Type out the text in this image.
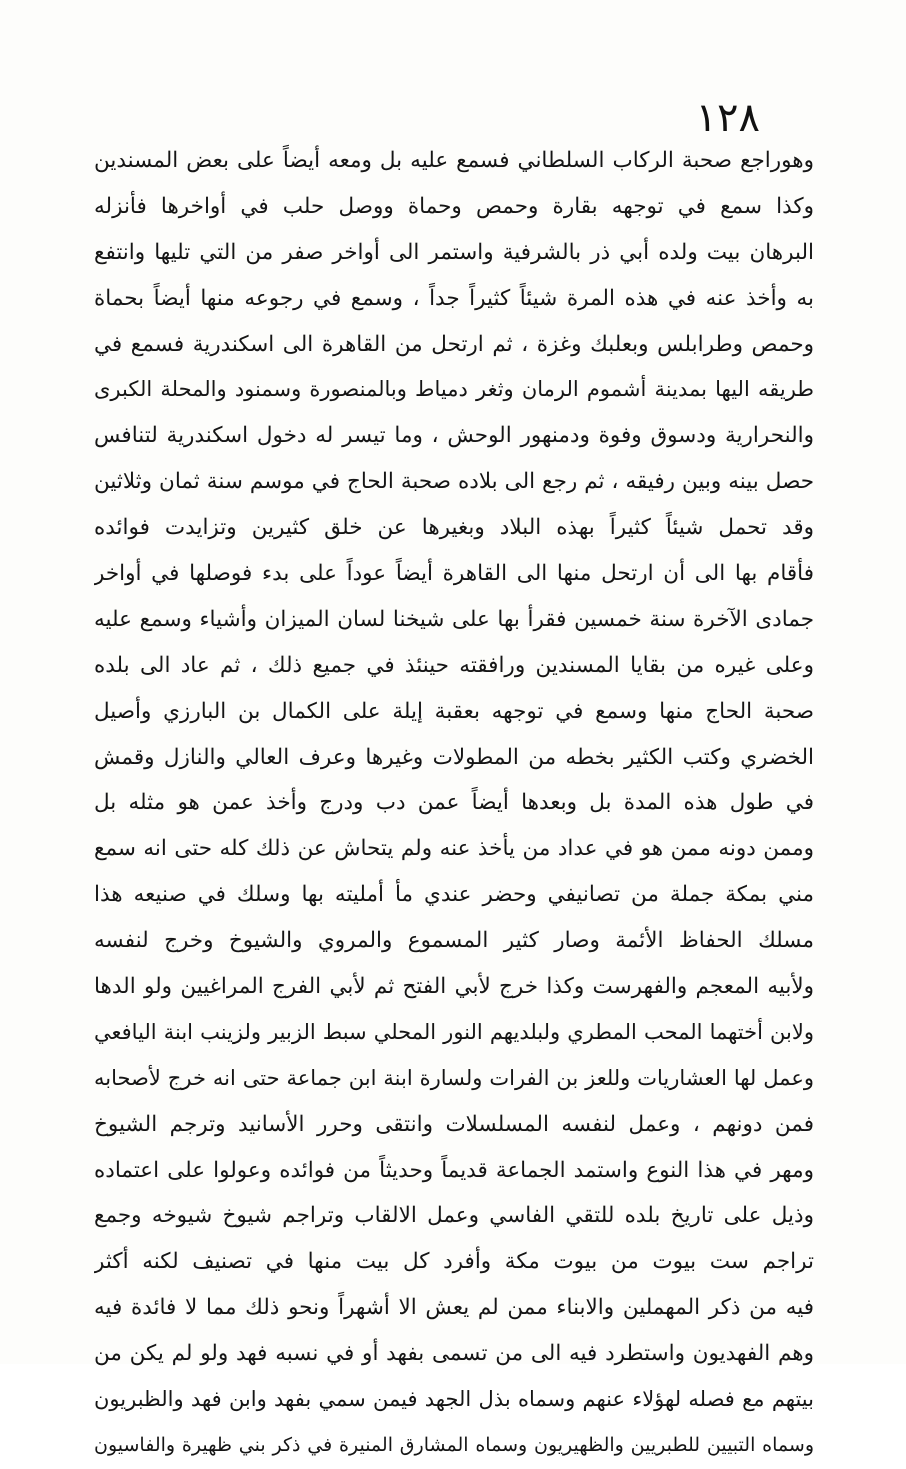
١٢٨
وهوراجع صحبة الركاب السلطاني فسمع عليه بل ومعه أيضاً على بعض المسندين
وكذا سمع في توجهه بقارة وحمص وحماة ووصل حلب في أواخرها فأنزله
البرهان بيت ولده أبي ذر بالشرفية واستمر الى أواخر صفر من التي تليها وانتفع
به وأخذ عنه في هذه المرة شيئاً كثيراً جداً ، وسمع في رجوعه منها أيضاً بحماة
وحمص وطرابلس وبعلبك وغزة ، ثم ارتحل من القاهرة الى اسكندرية فسمع في
طريقه اليها بمدينة أشموم الرمان وثغر دمياط وبالمنصورة وسمنود والمحلة الكبرى
والنحرارية ودسوق وفوة ودمنهور الوحش ، وما تيسر له دخول اسكندرية لتنافس
حصل بينه وبين رفيقه ، ثم رجع الى بلاده صحبة الحاج في موسم سنة ثمان وثلاثين
وقد تحمل شيئاً كثيراً بهذه البلاد وبغيرها عن خلق كثيرين وتزايدت فوائده
فأقام بها الى أن ارتحل منها الى القاهرة أيضاً عوداً على بدء فوصلها في أواخر
جمادى الآخرة سنة خمسين فقرأ بها على شيخنا لسان الميزان وأشياء وسمع عليه
وعلى غيره من بقايا المسندين ورافقته حينئذ في جميع ذلك ، ثم عاد الى بلده
صحبة الحاج منها وسمع في توجهه بعقبة إيلة على الكمال بن البارزي وأصيل
الخضري وكتب الكثير بخطه من المطولات وغيرها وعرف العالي والنازل وقمش
في طول هذه المدة بل وبعدها أيضاً عمن دب ودرج وأخذ عمن هو مثله بل
وممن دونه ممن هو في عداد من يأخذ عنه ولم يتحاش عن ذلك كله حتى انه سمع
مني بمكة جملة من تصانيفي وحضر عندي مأ أمليته بها وسلك في صنيعه هذا
مسلك الحفاظ الأئمة وصار كثير المسموع والمروي والشيوخ وخرج لنفسه
ولأبيه المعجم والفهرست وكذا خرج لأبي الفتح ثم لأبي الفرج المراغيين ولو الدها
ولابن أختهما المحب المطري ولبلديهم النور المحلي سبط الزبير ولزينب ابنة اليافعي
وعمل لها العشاريات وللعز بن الفرات ولسارة ابنة ابن جماعة حتى انه خرج لأصحابه
فمن دونهم ، وعمل لنفسه المسلسلات وانتقى وحرر الأسانيد وترجم الشيوخ
ومهر في هذا النوع واستمد الجماعة قديماً وحديثاً من فوائده وعولوا على اعتماده
وذيل على تاريخ بلده للتقي الفاسي وعمل الالقاب وتراجم شيوخ شيوخه وجمع
تراجم ست بيوت من بيوت مكة وأفرد كل بيت منها في تصنيف لكنه أكثر
فيه من ذكر المهملين والابناء ممن لم يعش الا أشهراً ونحو ذلك مما لا فائدة فيه
وهم الفهديون واستطرد فيه الى من تسمى بفهد أو في نسبه فهد ولو لم يكن من
بيتهم مع فصله لهؤلاء عنهم وسماه بذل الجهد فيمن سمي بفهد وابن فهد والظبريون
وسماه التبيين للطبريين والظهيريون وسماه المشارق المنيرة في ذكر بني ظهيرة والفاسيون
